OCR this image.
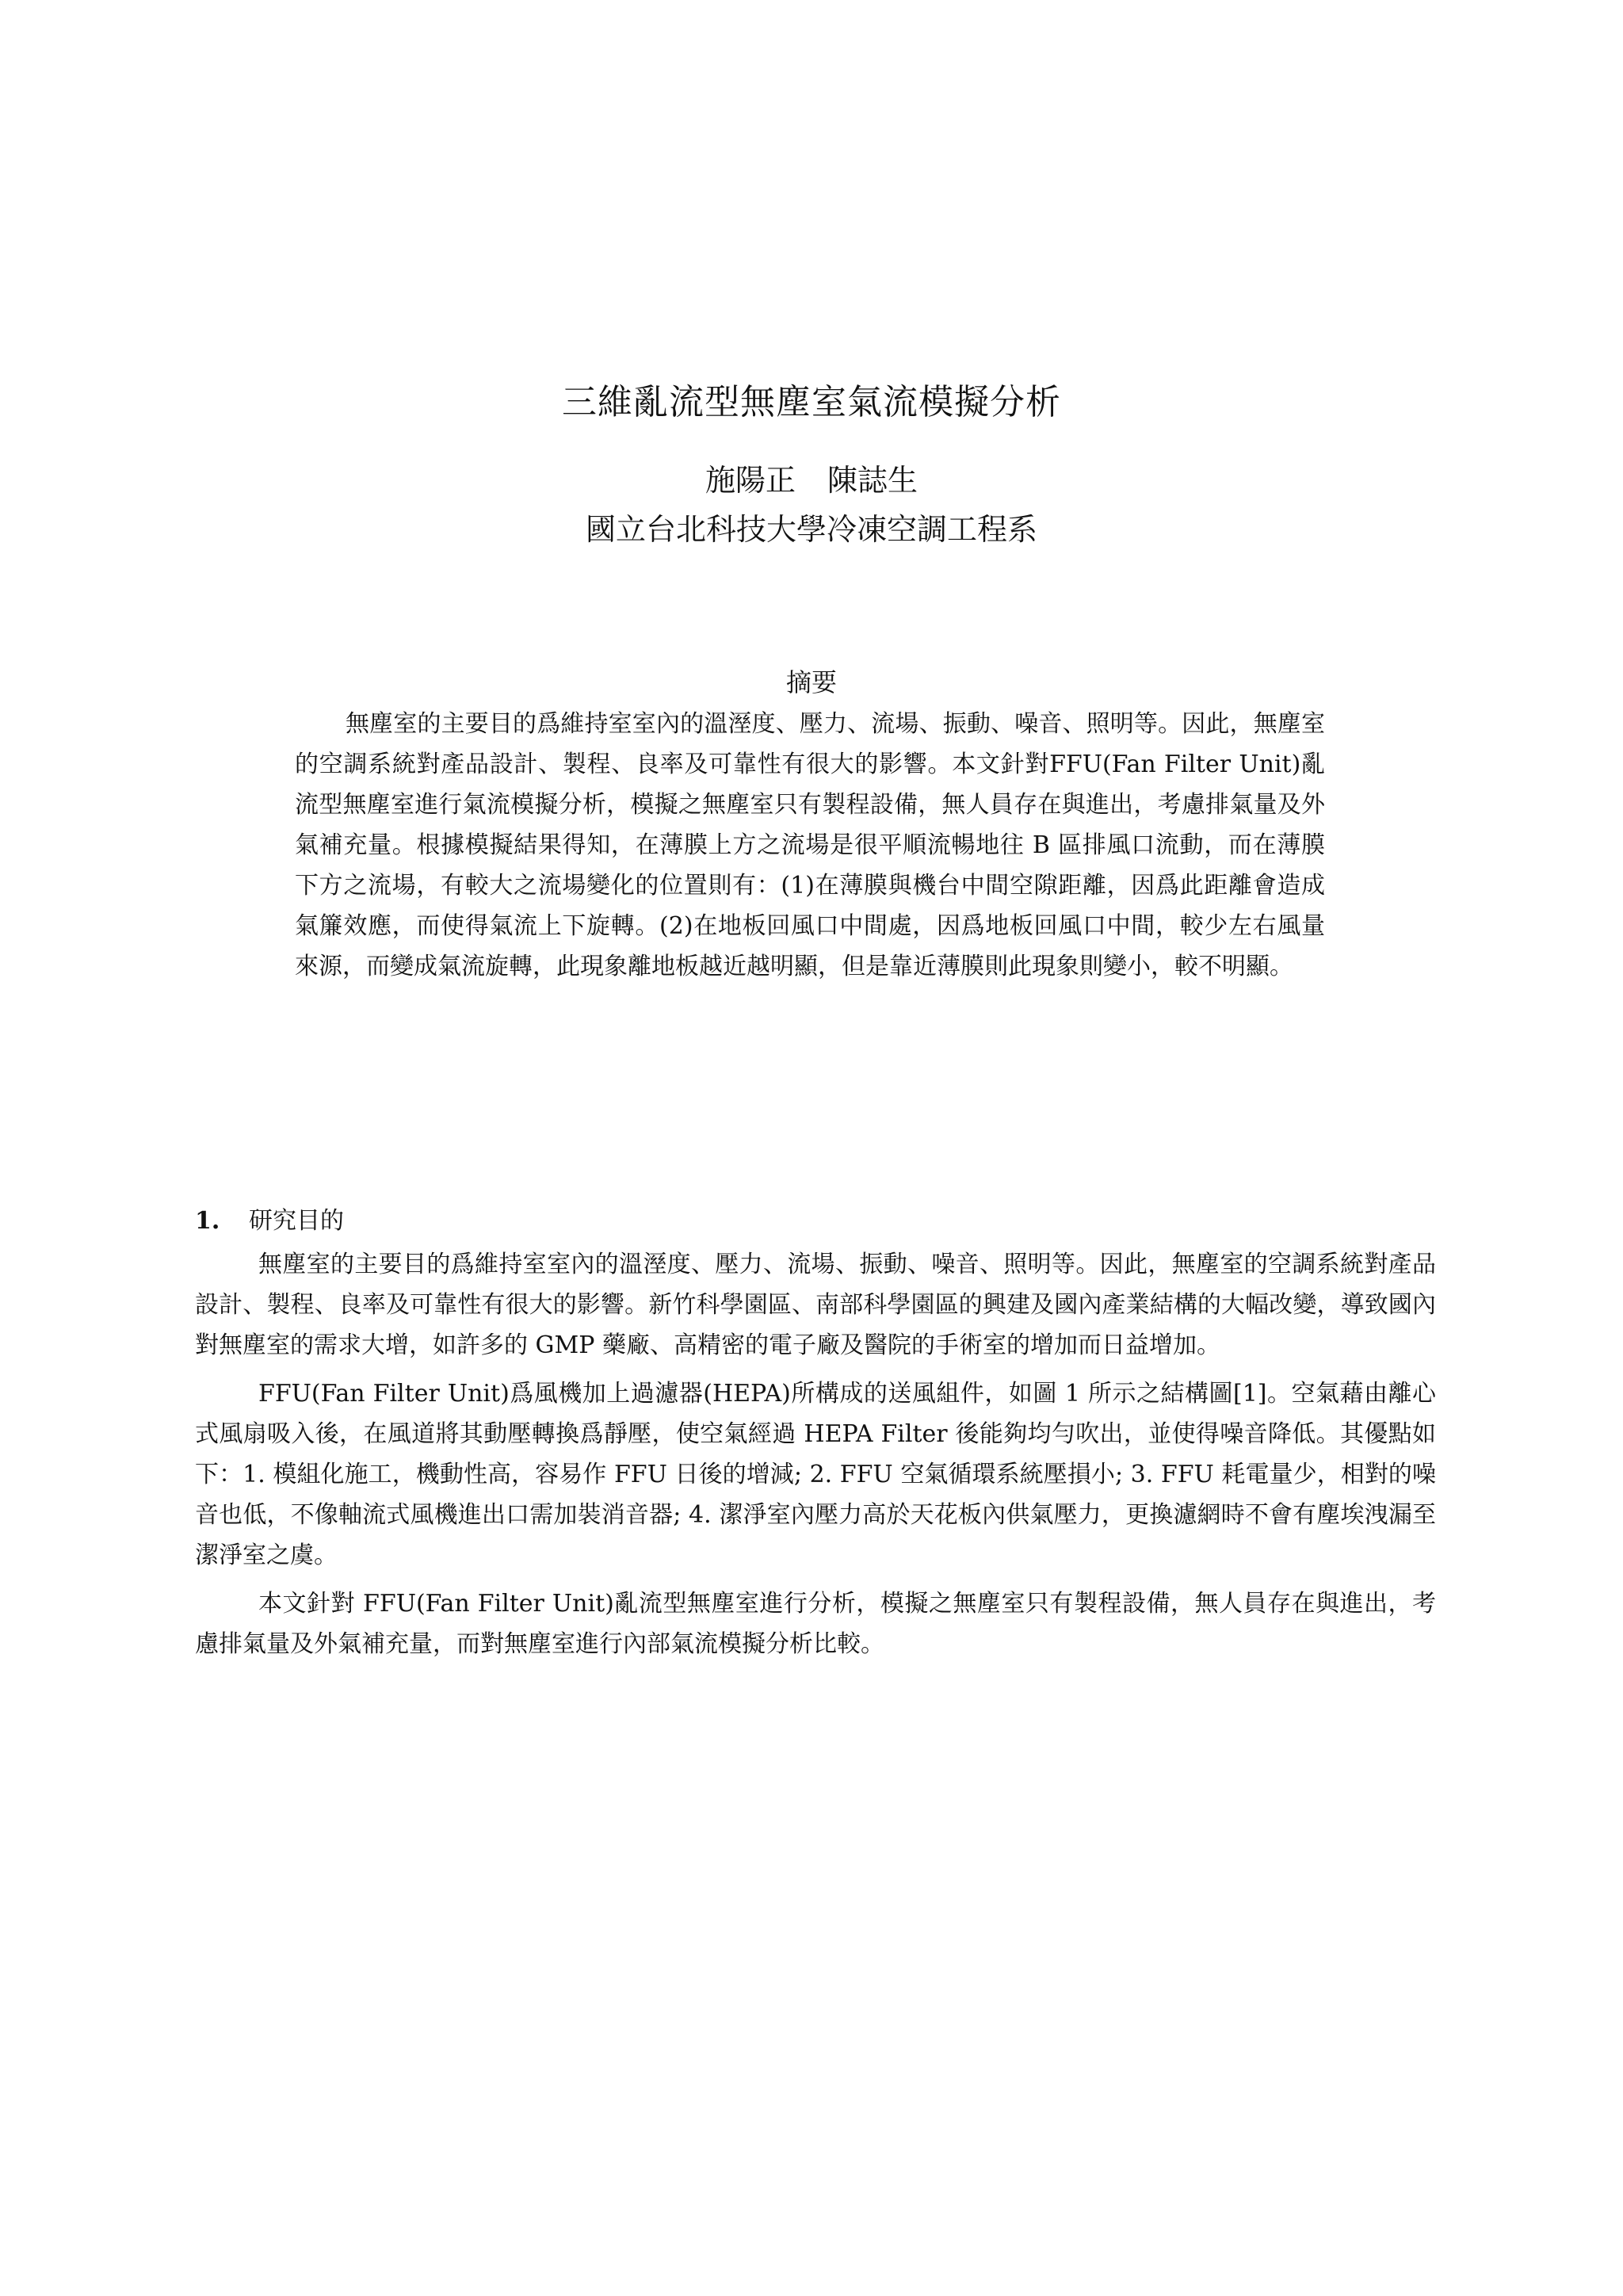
三維亂流型無塵室氣流模擬分析
施陽正 陳誌生
國立台北科技大學冷凍空調工程系
摘要

無塵室的主要目的爲維持室室內的溫溼度、壓力、流場、振動、噪音、照明等。因此，無塵室的空調系統對產品設計、製程、良率及可靠性有很大的影響。本文針對FFU(Fan Filter Unit)亂流型無塵室進行氣流模擬分析，模擬之無塵室只有製程設備，無人員存在與進出，考慮排氣量及外氣補充量。根據模擬結果得知，在薄膜上方之流場是很平順流暢地往 B 區排風口流動，而在薄膜下方之流場，有較大之流場變化的位置則有：(1)在薄膜與機台中間空隙距離，因爲此距離會造成氣簾效應，而使得氣流上下旋轉。(2)在地板回風口中間處，因爲地板回風口中間，較少左右風量來源，而變成氣流旋轉，此現象離地板越近越明顯，但是靠近薄膜則此現象則變小，較不明顯。

1. 研究目的

無塵室的主要目的爲維持室室內的溫溼度、壓力、流場、振動、噪音、照明等。因此，無塵室的空調系統對產品設計、製程、良率及可靠性有很大的影響。新竹科學園區、南部科學園區的興建及國內產業結構的大幅改變，導致國內對無塵室的需求大增，如許多的 GMP 藥廠、高精密的電子廠及醫院的手術室的增加而日益增加。

FFU(Fan Filter Unit)爲風機加上過濾器(HEPA)所構成的送風組件，如圖 1 所示之結構圖[1]。空氣藉由離心式風扇吸入後，在風道將其動壓轉換爲靜壓，使空氣經過 HEPA Filter 後能夠均勻吹出，並使得噪音降低。其優點如下：1. 模組化施工，機動性高，容易作 FFU 日後的增減; 2. FFU 空氣循環系統壓損小; 3. FFU 耗電量少，相對的噪音也低，不像軸流式風機進出口需加裝消音器; 4. 潔淨室內壓力高於天花板內供氣壓力，更換濾網時不會有塵埃洩漏至潔淨室之虞。

本文針對 FFU(Fan Filter Unit)亂流型無塵室進行分析，模擬之無塵室只有製程設備，無人員存在與進出，考慮排氣量及外氣補充量，而對無塵室進行內部氣流模擬分析比較。
